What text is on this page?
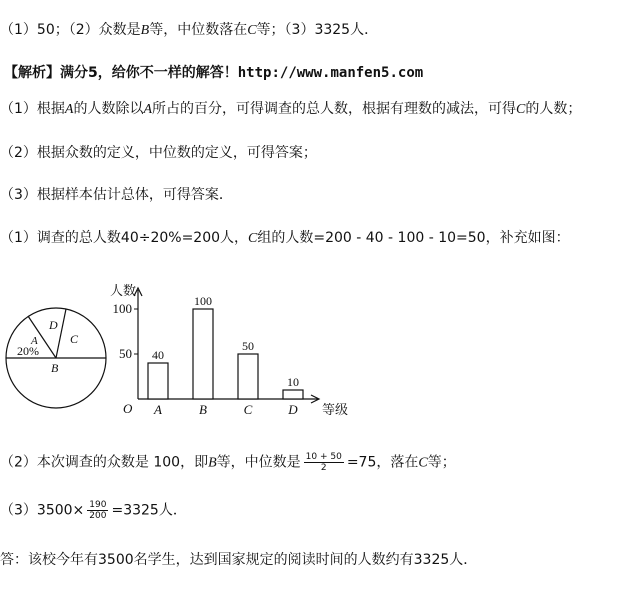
（1）50；（2）众数是B等，中位数落在C等；（3）3325人．
【解析】满分5，给你不一样的解答！http://www.manfen5.com
（1）根据A的人数除以A所占的百分，可得调查的总人数，根据有理数的减法，可得C的人数；
（2）根据众数的定义，中位数的定义，可得答案；
（3）根据样本估计总体，可得答案．
（1）调查的总人数40÷20%=200人，C组的人数=200 - 40 - 100 - 10=50，补充如图：
A
20%
D
C
B
人数
等级
O
50
100
40
A
100
B
50
C
10
D
（2）本次调查的众数是 100，即B等，中位数是 $\frac{10 + 50}{2} =75$，落在C等；
$(3)3500\times \frac{190}{200} =3325$人．
答：该校今年有3500名学生，达到国家规定的阅读时间的人数约有3325人．
